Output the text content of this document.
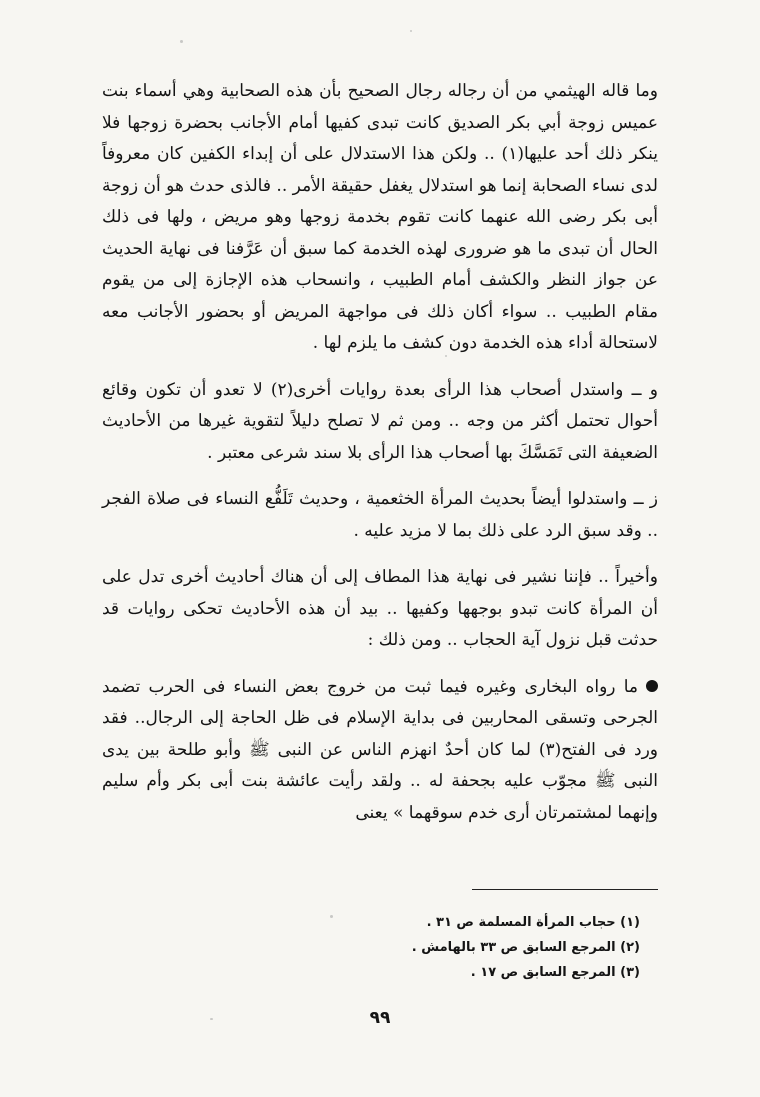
وما قاله الهيثمي من أن رجاله رجال الصحيح بأن هذه الصحابية وهي أسماء بنت عميس زوجة أبي بكر الصديق كانت تبدى كفيها أمام الأجانب بحضرة زوجها فلا ينكر ذلك أحد عليها(١) .. ولكن هذا الاستدلال على أن إبداء الكفين كان معروفاً لدى نساء الصحابة إنما هو استدلال يغفل حقيقة الأمر .. فالذى حدث هو أن زوجة أبى بكر رضى الله عنهما كانت تقوم بخدمة زوجها وهو مريض ، ولها فى ذلك الحال أن تبدى ما هو ضرورى لهذه الخدمة كما سبق أن عَرَّفنا فى نهاية الحديث عن جواز النظر والكشف أمام الطبيب ، وانسحاب هذه الإجازة إلى من يقوم مقام الطبيب .. سواء أكان ذلك فى مواجهة المريض أو بحضور الأجانب معه لاستحالة أداء هذه الخدمة دون كشف ما يلزم لها .

و ــ واستدل أصحاب هذا الرأى بعدة روايات أخرى(٢) لا تعدو أن تكون وقائع أحوال تحتمل أكثر من وجه .. ومن ثم لا تصلح دليلاً لتقوية غيرها من الأحاديث الضعيفة التى تَمَسَّكَ بها أصحاب هذا الرأى بلا سند شرعى معتبر .

ز ــ واستدلوا أيضاً بحديث المرأة الخثعمية ، وحديث تَلَفُّع النساء فى صلاة الفجر .. وقد سبق الرد على ذلك بما لا مزيد عليه .

وأخيراً .. فإننا نشير فى نهاية هذا المطاف إلى أن هناك أحاديث أخرى تدل على أن المرأة كانت تبدو بوجهها وكفيها .. بيد أن هذه الأحاديث تحكى روايات قد حدثت قبل نزول آية الحجاب .. ومن ذلك :

ما رواه البخارى وغيره فيما ثبت من خروج بعض النساء فى الحرب تضمد الجرحى وتسقى المحاربين فى بداية الإسلام فى ظل الحاجة إلى الرجال.. فقد ورد فى الفتح(٣) لما كان أحدٌ انهزم الناس عن النبى ﷺ وأبو طلحة بين يدى النبى ﷺ مجوّب عليه بجحفة له .. ولقد رأيت عائشة بنت أبى بكر وأم سليم وإنهما لمشتمرتان أرى خدم سوقهما » يعنى

(١) حجاب المرأة المسلمة ص ٣١ .
(٢) المرجع السابق ص ٣٣ بالهامش .
(٣) المرجع السابق ص ١٧ .
٩٩
